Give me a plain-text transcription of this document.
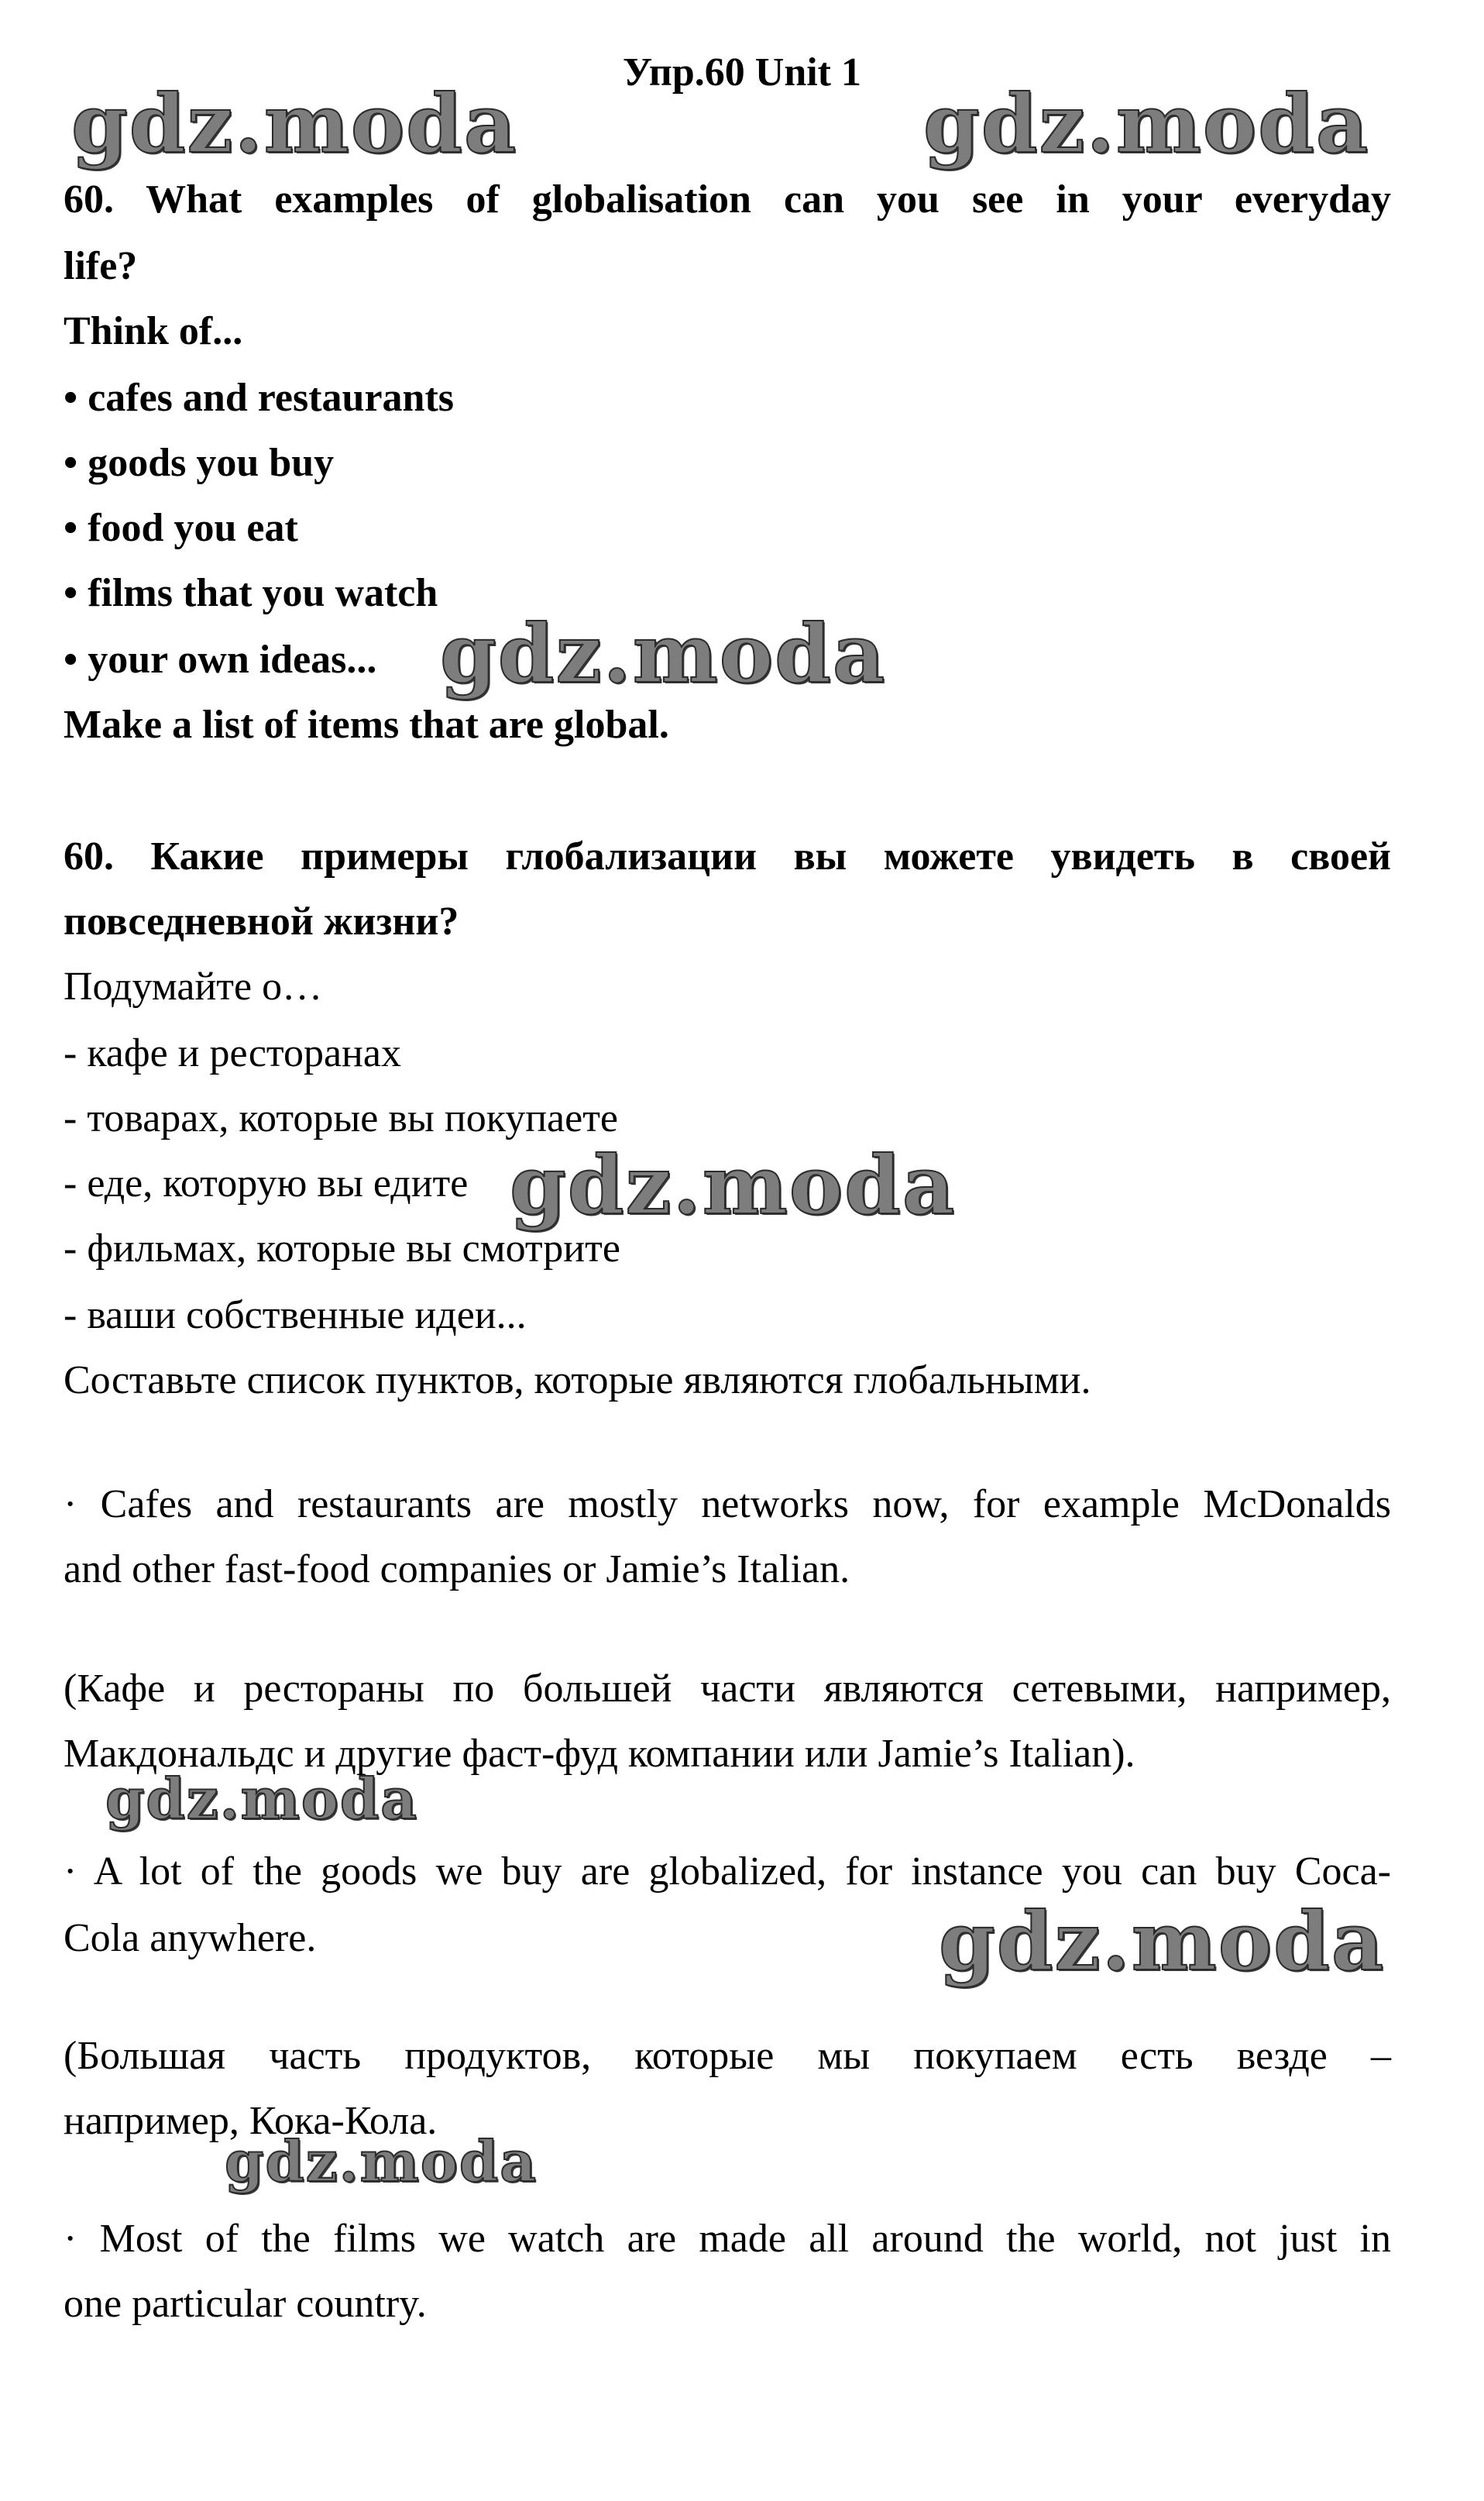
Упр.60 Unit 1
gdz.moda	gdz.moda
gdz.moda
gdz.moda
gdz.moda
gdz.moda
gdz.moda
60. What examples of globalisation can you see in your everyday
life?
Think of...
• cafes and restaurants
• goods you buy
• food you eat
• films that you watch
• your own ideas...
Make a list of items that are global.
60. Какие примеры глобализации вы можете увидеть в своей
повседневной жизни?
Подумайте о…
- кафе и ресторанах
- товарах, которые вы покупаете
- еде, которую вы едите
- фильмах, которые вы смотрите
- ваши собственные идеи...
Составьте список пунктов, которые являются глобальными.
· Cafes and restaurants are mostly networks now, for example McDonalds
and other fast-food companies or Jamie’s Italian.
(Кафе и рестораны по большей части являются сетевыми, например,
Макдональдс и другие фаст-фуд компании или Jamie’s Italian).
· A lot of the goods we buy are globalized, for instance you can buy Coca-
Cola anywhere.
(Большая часть продуктов, которые мы покупаем есть везде –
например, Кока-Кола.
· Most of the films we watch are made all around the world, not just in
one particular country.
